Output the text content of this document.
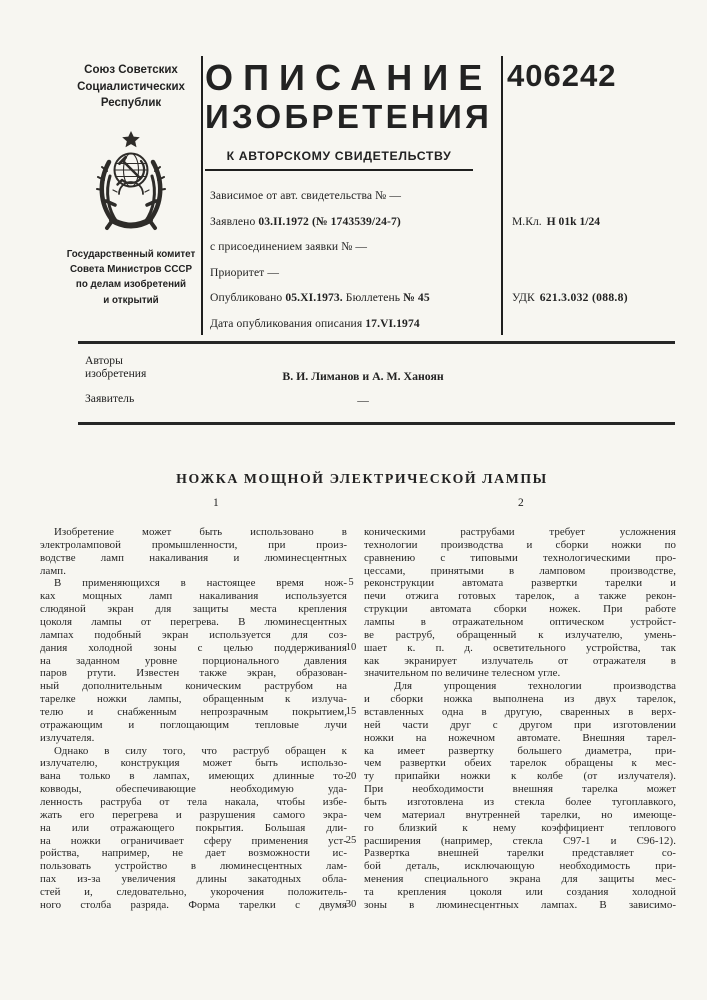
Союз Советских
Социалистических
Республик
Государственный комитет
Совета Министров СССР
по делам изобретений
и открытий
ОПИСАНИЕ
ИЗОБРЕТЕНИЯ
К АВТОРСКОМУ СВИДЕТЕЛЬСТВУ
Зависимое от авт. свидетельства № —
Заявлено 03.II.1972 (№ 1743539/24-7)
с присоединением заявки № —
Приоритет —
Опубликовано 05.XI.1973. Бюллетень № 45
Дата опубликования описания 17.VI.1974
406242
М.Кл. Н 01k 1/24
УДК 621.3.032 (088.8)
Авторы
изобретения	В. И. Лиманов и А. М. Ханоян
Заявитель	—
НОЖКА МОЩНОЙ ЭЛЕКТРИЧЕСКОЙ ЛАМПЫ
1	2
Изобретение может быть использовано в
электроламповой промышленности, при произ-
водстве ламп накаливания и люминесцентных
ламп.
В применяющихся в настоящее время нож-
ках мощных ламп накаливания используется
слюдяной экран для защиты места крепления
цоколя лампы от перегрева. В люминесцентных
лампах подобный экран используется для соз-
дания холодной зоны с целью поддерживания
на заданном уровне порционального давления
паров ртути. Известен также экран, образован-
ный дополнительным коническим раструбом на
тарелке ножки лампы, обращенным к излуча-
телю и снабженным непрозрачным покрытием,
отражающим и поглощающим тепловые лучи
излучателя.
Однако в силу того, что раструб обращен к
излучателю, конструкция может быть использо-
вана только в лампах, имеющих длинные то-
ковводы, обеспечивающие необходимую уда-
ленность раструба от тела накала, чтобы избе-
жать его перегрева и разрушения самого экра-
на или отражающего покрытия. Большая дли-
на ножки ограничивает сферу применения уст-
ройства, например, не дает возможности ис-
пользовать устройство в люминесцентных лам-
пах из-за увеличения длины закатодных обла-
стей и, следовательно, укорочения положитель-
ного столба разряда. Форма тарелки с двумя
5
10
15
20
25
30
коническими раструбами требует усложнения
технологии производства и сборки ножки по
сравнению с типовыми технологическими про-
цессами, принятыми в ламповом производстве,
реконструкции автомата развертки тарелки и
печи отжига готовых тарелок, а также рекон-
струкции автомата сборки ножек. При работе
лампы в отражательном оптическом устройст-
ве раструб, обращенный к излучателю, умень-
шает к. п. д. осветительного устройства, так
как экранирует излучатель от отражателя в
значительном по величине телесном угле.
Для упрощения технологии производства
и сборки ножка выполнена из двух тарелок,
вставленных одна в другую, сваренных в верх-
ней части друг с другом при изготовлении
ножки на ножечном автомате. Внешняя тарел-
ка имеет развертку большего диаметра, при-
чем развертки обеих тарелок обращены к мес-
ту припайки ножки к колбе (от излучателя).
При необходимости внешняя тарелка может
быть изготовлена из стекла более тугоплавкого,
чем материал внутренней тарелки, но имеюще-
го близкий к нему коэффициент теплового
расширения (например, стекла С97-1 и С96-12).
Развертка внешней тарелки представляет со-
бой деталь, исключающую необходимость при-
менения специального экрана для защиты мес-
та крепления цоколя или создания холодной
зоны в люминесцентных лампах. В зависимо-
